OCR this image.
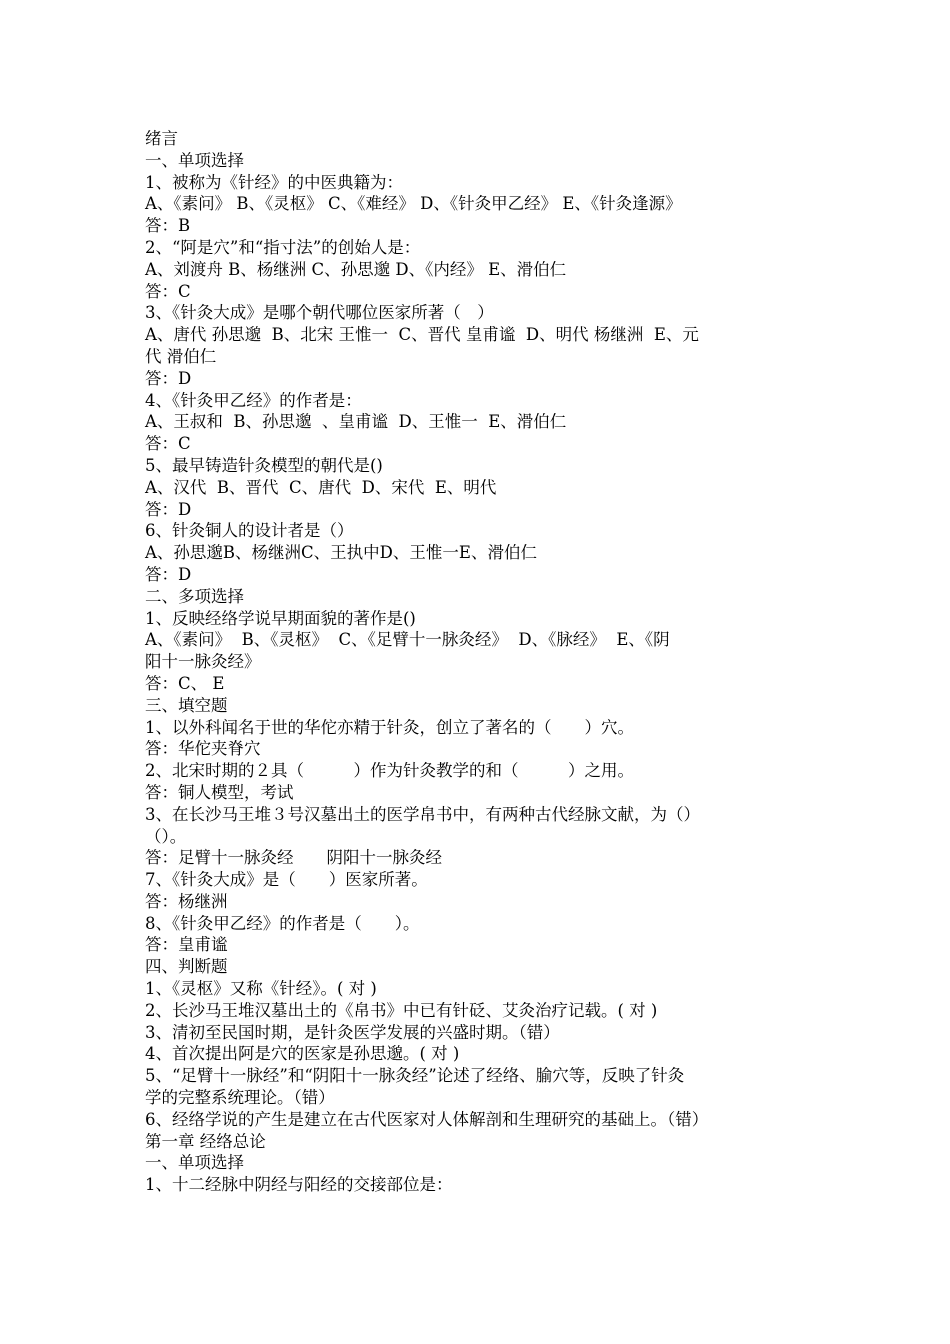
绪言

一、单项选择

1、被称为《针经》的中医典籍为：

A、《素问》 B、《灵枢》 C、《难经》 D、《针灸甲乙经》 E、《针灸逢源》

答：B

2、“阿是穴”和“指寸法”的创始人是：

A、刘渡舟 B、杨继洲 C、孙思邈 D、《内经》 E、滑伯仁

答：C

3、《针灸大成》是哪个朝代哪位医家所著（　）

A、唐代 孙思邈  B、北宋 王惟一  C、晋代 皇甫谧  D、明代 杨继洲  E、元

代 滑伯仁

答：D

4、《针灸甲乙经》的作者是：

A、王叔和  B、孙思邈  、皇甫谧  D、王惟一  E、滑伯仁

答：C

5、最早铸造针灸模型的朝代是()

A、汉代  B、晋代  C、唐代  D、宋代  E、明代

答：D

6、针灸铜人的设计者是（）

A、孙思邈B、杨继洲C、王执中D、王惟一E、滑伯仁

答：D

二、多项选择

1、反映经络学说早期面貌的著作是()

A、《素问》  B、《灵枢》  C、《足臂十一脉灸经》  D、《脉经》  E、《阴

阳十一脉灸经》

答：C、 E

三、填空题

1、以外科闻名于世的华佗亦精于针灸，创立了著名的（　　）穴。

答：华佗夹脊穴

2、北宋时期的２具（　　　）作为针灸教学的和（　　　）之用。

答：铜人模型，考试

3、在长沙马王堆３号汉墓出土的医学帛书中，有两种古代经脉文献，为（）

（）。

答：足臂十一脉灸经　　阴阳十一脉灸经

7、《针灸大成》是（　　）医家所著。

答：杨继洲

8、《针灸甲乙经》的作者是（　　）。

答：皇甫谧

四、判断题

1、《灵枢》又称《针经》。( 对 )

2、长沙马王堆汉墓出土的《帛书》中已有针砭、艾灸治疗记载。( 对 )

3、清初至民国时期，是针灸医学发展的兴盛时期。（错）

4、首次提出阿是穴的医家是孙思邈。( 对 )

5、“足臂十一脉经”和“阴阳十一脉灸经”论述了经络、腧穴等，反映了针灸

学的完整系统理论。（错）

6、经络学说的产生是建立在古代医家对人体解剖和生理研究的基础上。（错）

第一章 经络总论

一、单项选择

1、十二经脉中阴经与阳经的交接部位是：
